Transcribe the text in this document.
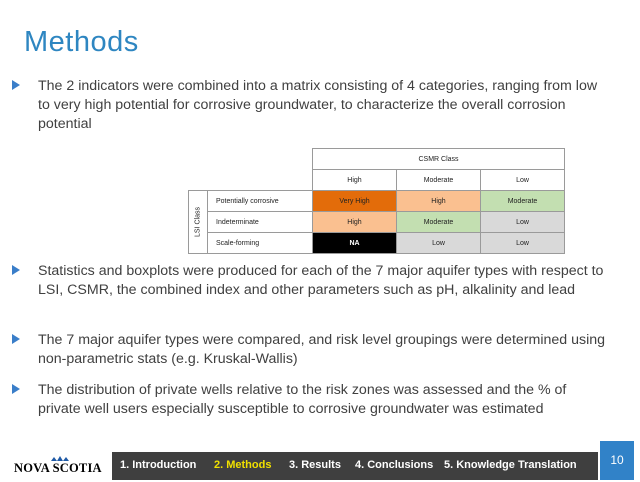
Methods
The 2 indicators were combined into a matrix consisting of 4 categories, ranging from low to very high potential for corrosive groundwater, to characterize the overall corrosion potential
		CSMR Class		
		High	Moderate	Low

LSI Class	Potentially corrosive	Very High	High	Moderate
	Indeterminate	High	Moderate	Low
	Scale-forming	NA	Low	Low
Statistics and boxplots were produced for each of the 7 major aquifer types with respect to LSI, CSMR, the combined index and other parameters such as pH, alkalinity and lead
The 7 major aquifer types were compared, and risk level groupings were determined using non-parametric stats (e.g. Kruskal-Wallis)
The distribution of private wells relative to the risk zones was assessed and the % of private well users especially susceptible to corrosive groundwater was estimated
NOVA SCOTIA 1. Introduction 2. Methods 3. Results 4. Conclusions 5. Knowledge Translation	10
